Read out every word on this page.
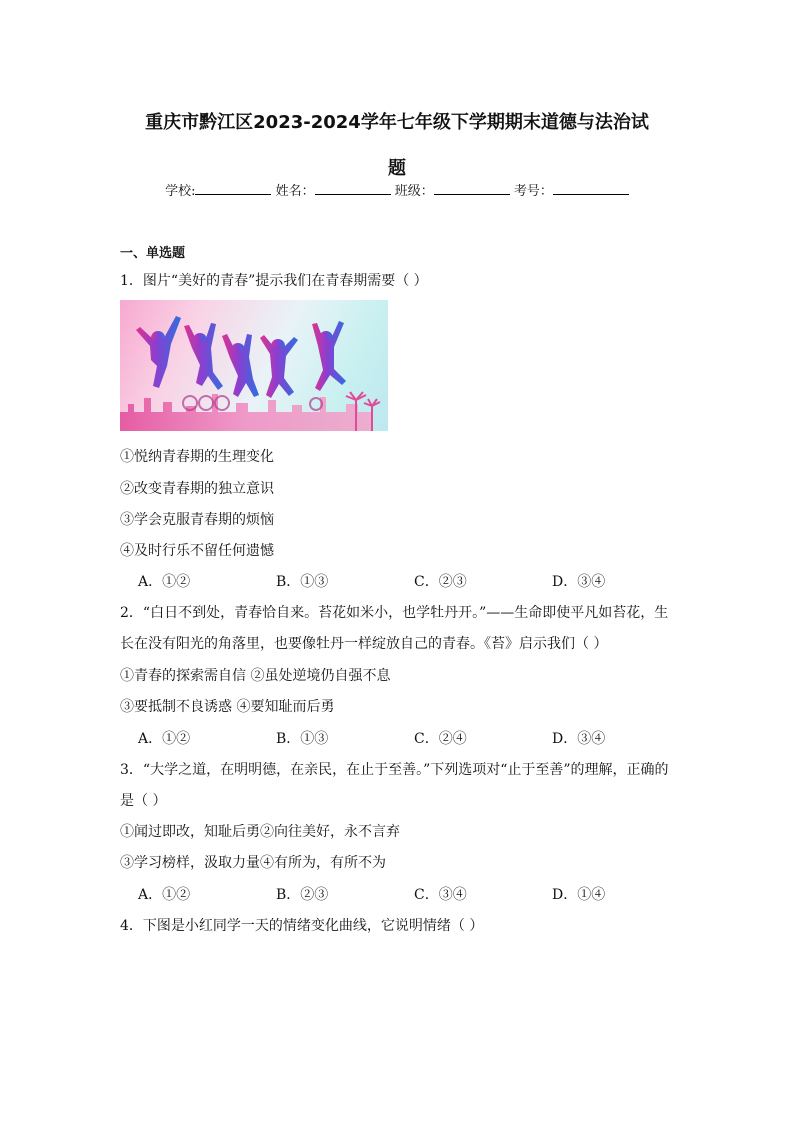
重庆市黔江区2023-2024学年七年级下学期期末道德与法治试
题
学校:	姓名：	班级：	考号：
一、单选题
1．图片“美好的青春”提示我们在青春期需要（ ）
①悦纳青春期的生理变化
②改变青春期的独立意识
③学会克服青春期的烦恼
④及时行乐不留任何遗憾
A．①②	B．①③	C．②③	D．③④
2．“白日不到处，青春恰自来。苔花如米小，也学牡丹开。”——生命即使平凡如苔花，生
长在没有阳光的角落里，也要像牡丹一样绽放自己的青春。《苔》启示我们（ ）
①青春的探索需自信 ②虽处逆境仍自强不息
③要抵制不良诱惑 ④要知耻而后勇
A．①②	B．①③	C．②④	D．③④
3．“大学之道，在明明德，在亲民，在止于至善。”下列选项对“止于至善”的理解，正确的
是（ ）
①闻过即改，知耻后勇②向往美好，永不言弃
③学习榜样，汲取力量④有所为，有所不为
A．①②	B．②③	C．③④	D．①④
4．下图是小红同学一天的情绪变化曲线，它说明情绪（ ）
